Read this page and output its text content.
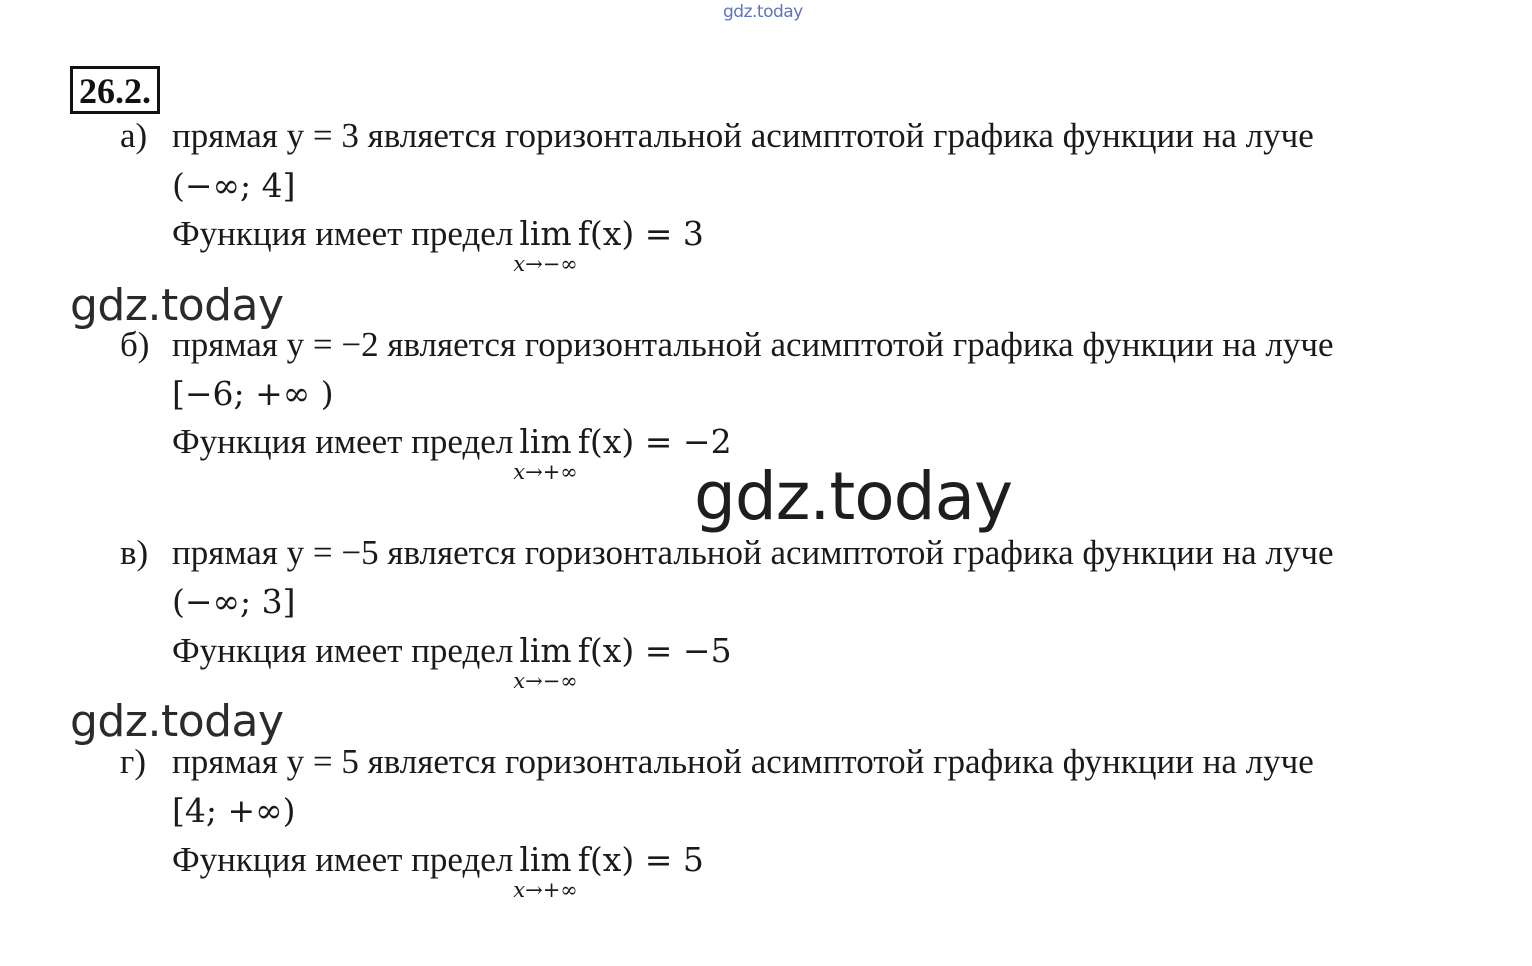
gdz.today
gdz.today
gdz.today
gdz.today
26.2.
а) прямая y = 3 является горизонтальной асимптотой графика функции на луче
(−∞; 4]
Функция имеет предел lim
x→−∞
f(x) = 3
б) прямая y = −2 является горизонтальной асимптотой графика функции на луче
[−6; +∞ )
Функция имеет предел lim
x→+∞
f(x) = −2
в) прямая y = −5 является горизонтальной асимптотой графика функции на луче
(−∞; 3]
Функция имеет предел lim
x→−∞
f(x) = −5
г) прямая y = 5 является горизонтальной асимптотой графика функции на луче
[4; +∞)
Функция имеет предел lim
x→+∞
f(x) = 5
